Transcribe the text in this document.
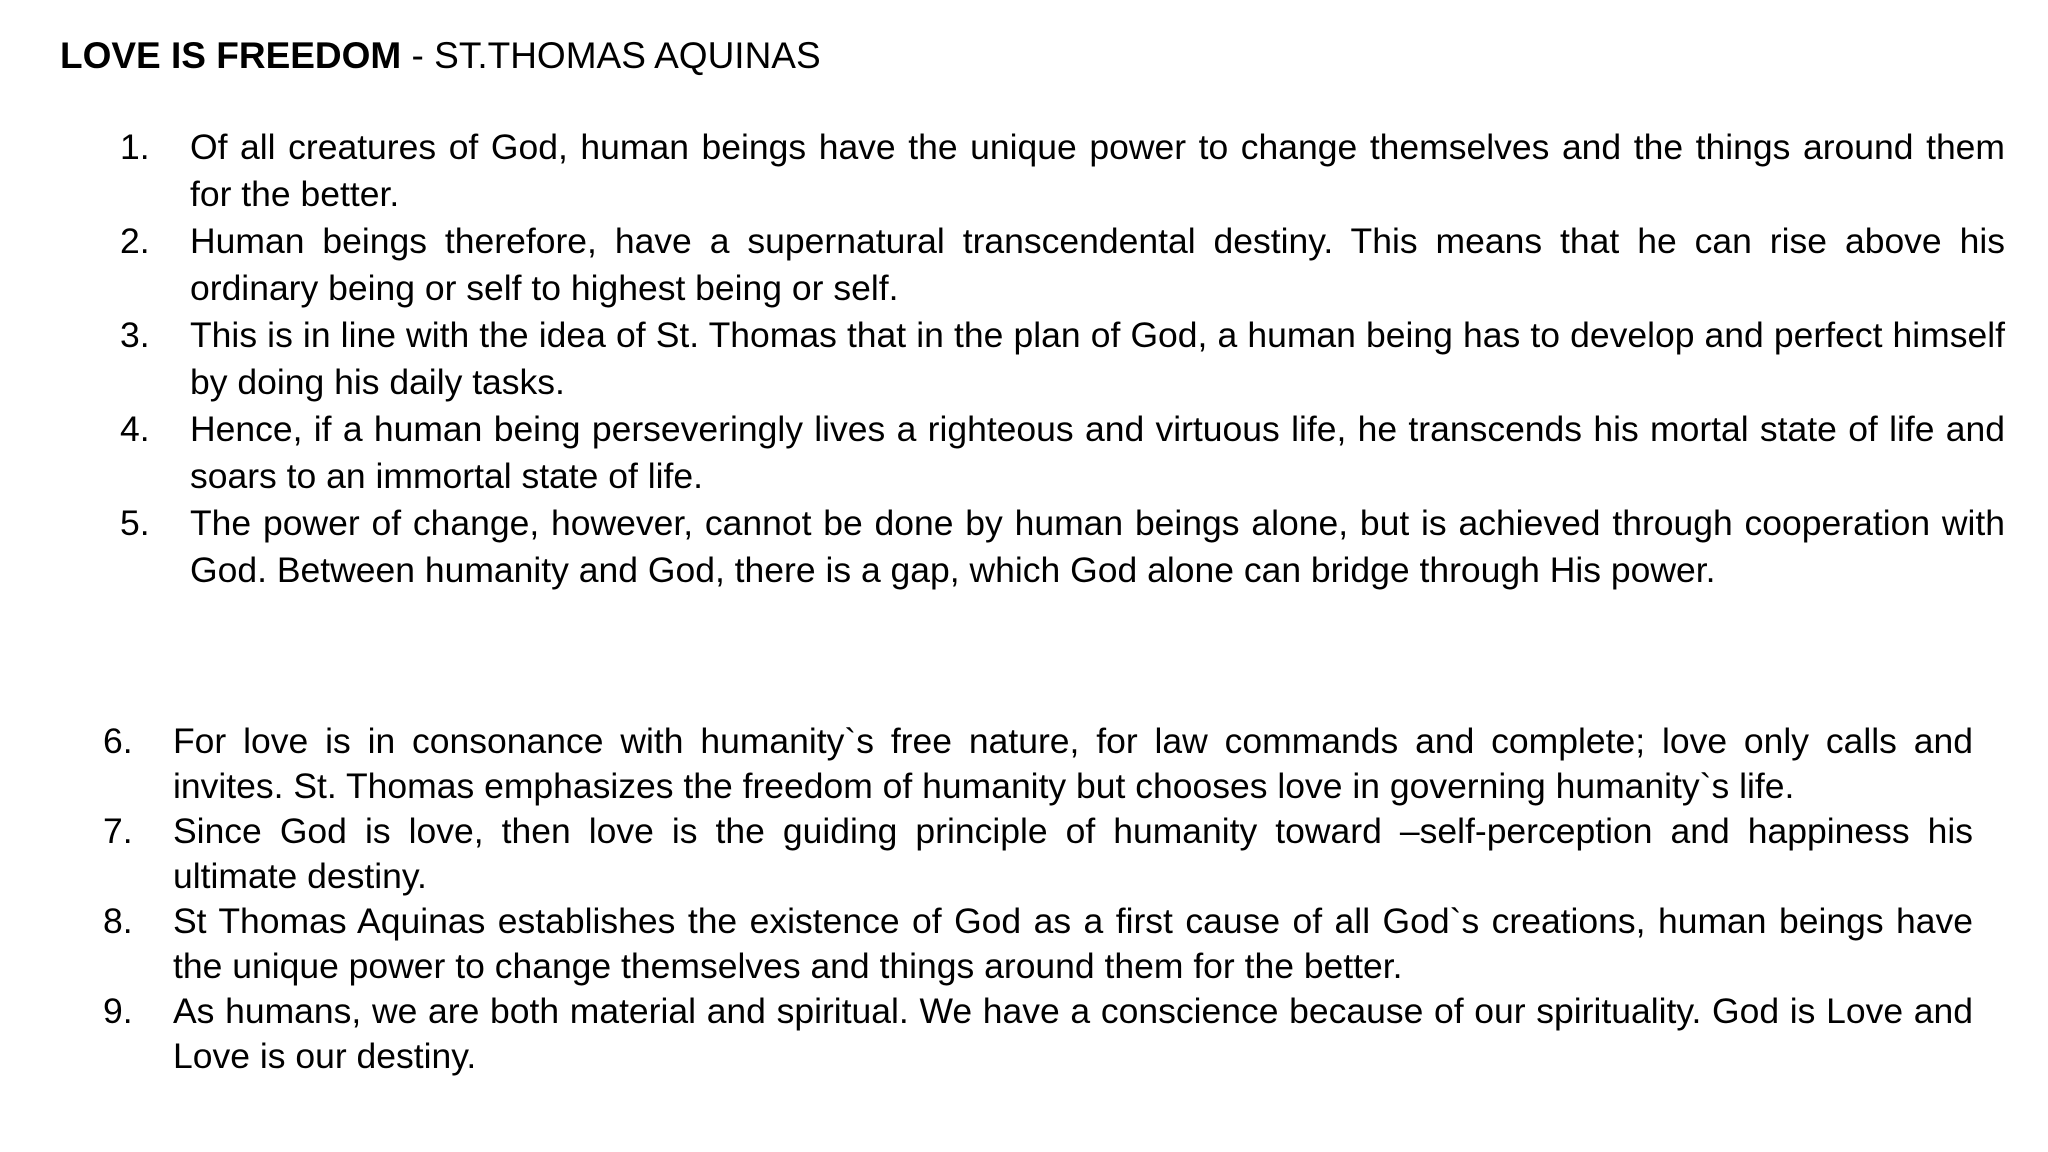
LOVE IS FREEDOM - ST.THOMAS AQUINAS
1.	Of all creatures of God, human beings have the unique power to change themselves and the things around them for the better.
2.	Human beings therefore, have a supernatural transcendental destiny. This means that he can rise above his ordinary being or self to highest being or self.
3.	This is in line with the idea of St. Thomas that in the plan of God, a human being has to develop and perfect himself by doing his daily tasks.
4.	Hence, if a human being perseveringly lives a righteous and virtuous life, he transcends his mortal state of life and soars to an immortal state of life.
5.	The power of change, however, cannot be done by human beings alone, but is achieved through cooperation with God. Between humanity and God, there is a gap, which God alone can bridge through His power.
6.	For love is in consonance with humanity`s free nature, for law commands and complete; love only calls and invites. St. Thomas emphasizes the freedom of humanity but chooses love in governing humanity`s life.
7.	Since God is love, then love is the guiding principle of humanity toward –self-perception and happiness his ultimate destiny.
8.	St Thomas Aquinas establishes the existence of God as a first cause of all God`s creations, human beings have the unique power to change themselves and things around them for the better.
9.	As humans, we are both material and spiritual. We have a conscience because of our spirituality. God is Love and Love is our destiny.
